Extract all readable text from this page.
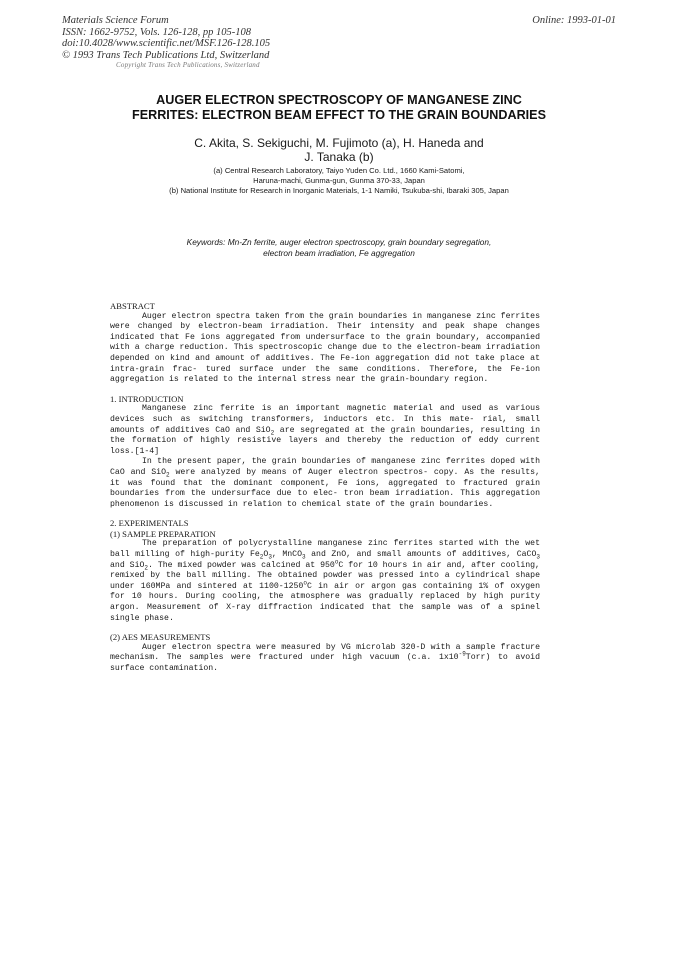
Materials Science Forum
ISSN: 1662-9752, Vols. 126-128, pp 105-108
doi:10.4028/www.scientific.net/MSF.126-128.105
© 1993 Trans Tech Publications Ltd, Switzerland
Online: 1993-01-01
Copyright Trans Tech Publications, Switzerland
AUGER ELECTRON SPECTROSCOPY OF MANGANESE ZINC
FERRITES: ELECTRON BEAM EFFECT TO THE GRAIN BOUNDARIES
C. Akita, S. Sekiguchi, M. Fujimoto (a), H. Haneda and
J. Tanaka (b)
(a) Central Research Laboratory, Taiyo Yuden Co. Ltd., 1660 Kami-Satomi,
Haruna-machi, Gunma-gun, Gunma 370-33, Japan
(b) National Institute for Research in Inorganic Materials, 1-1 Namiki, Tsukuba-shi, Ibaraki 305, Japan
Keywords: Mn-Zn ferrite, auger electron spectroscopy, grain boundary segregation,
electron beam irradiation, Fe aggregation
ABSTRACT
Auger electron spectra taken from the grain boundaries in manganese zinc ferrites were changed by electron-beam irradiation. Their intensity and peak shape changes indicated that Fe ions aggregated from undersurface to the grain boundary, accompanied with a charge reduction. This spectroscopic change due to the electron-beam irradiation depended on kind and amount of additives. The Fe-ion aggregation did not take place at intra-grain frac- tured surface under the same conditions. Therefore, the Fe-ion aggregation is related to the internal stress near the grain-boundary region.
1. INTRODUCTION
Manganese zinc ferrite is an important magnetic material and used as various devices such as switching transformers, inductors etc. In this mate- rial, small amounts of additives CaO and SiO$_2$ are segregated at the grain boundaries, resulting in the formation of highly resistive layers and thereby the reduction of eddy current loss.[1-4]
In the present paper, the grain boundaries of manganese zinc ferrites doped with CaO and SiO$_2$ were analyzed by means of Auger electron spectros- copy. As the results, it was found that the dominant component, Fe ions, aggregated to fractured grain boundaries from the undersurface due to elec- tron beam irradiation. This aggregation phenomenon is discussed in relation to chemical state of the grain boundaries.
2. EXPERIMENTALS
(1) SAMPLE PREPARATION
The preparation of polycrystalline manganese zinc ferrites started with the wet ball milling of high-purity $Fe_2O_3$, MnCO$_3$ and ZnO, and small amounts of additives, CaCO$_3$ and SiO$_2$. The mixed powder was calcined at 950$^o$C for 10 hours in air and, after cooling, remixed by the ball milling. The obtained powder was pressed into a cylindrical shape under 160MPa and sintered at 1100-1250$^o$C in air or argon gas containing 1% of oxygen for 10 hours. During cooling, the atmosphere was gradually replaced by high purity argon. Measurement of X-ray diffraction indicated that the sample was of a spinel single phase.
(2) AES MEASUREMENTS
Auger electron spectra were measured by VG microlab 320-D with a sample fracture mechanism. The samples were fractured under high vacuum (c.a. $1x10^{-9}Torr$) to avoid surface contamination.
